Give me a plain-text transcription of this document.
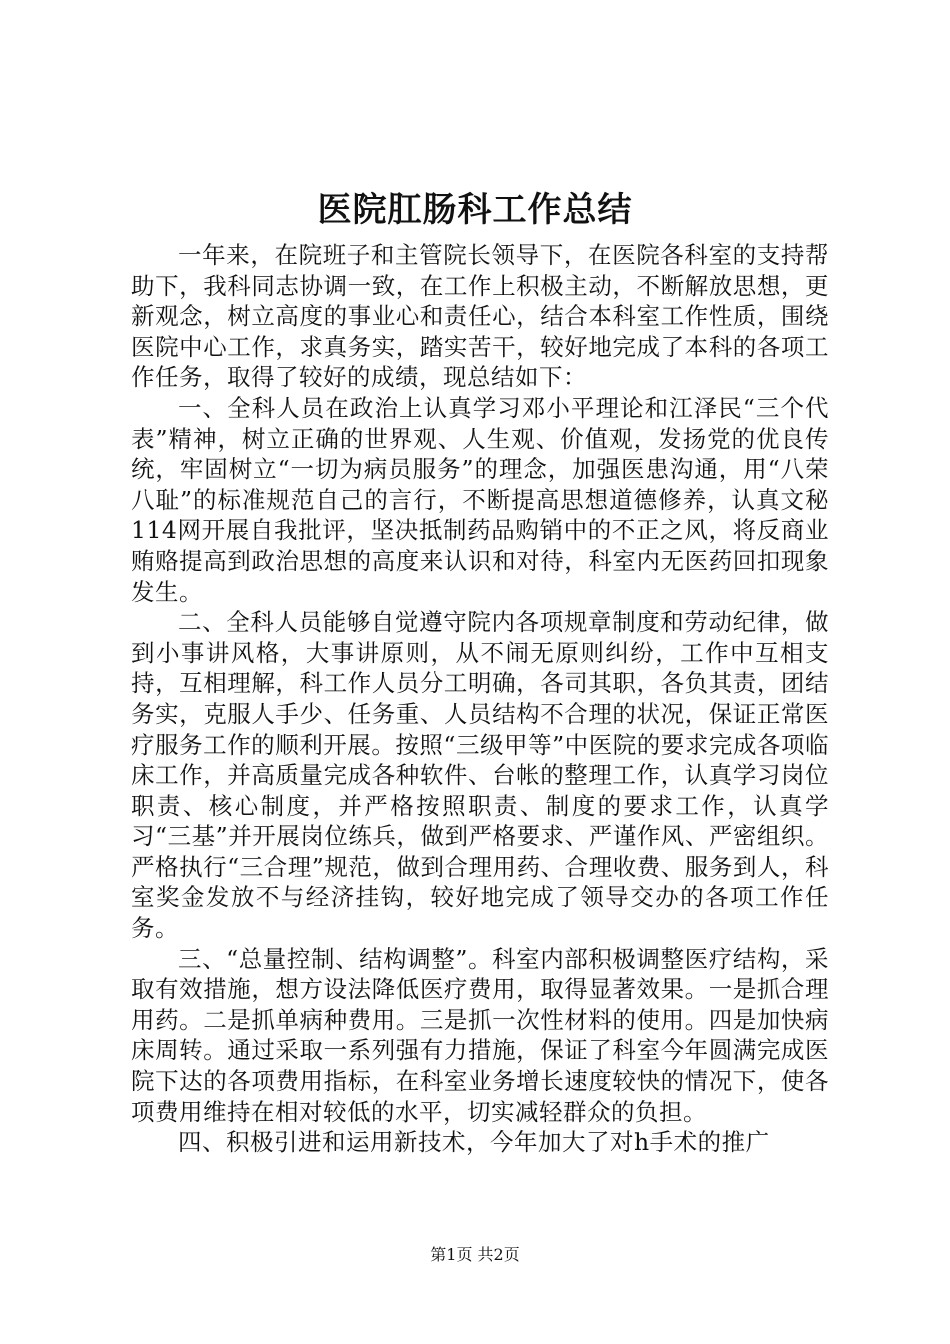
医院肛肠科工作总结

一年来，在院班子和主管院长领导下，在医院各科室的支持帮助下，我科同志协调一致，在工作上积极主动，不断解放思想，更新观念，树立高度的事业心和责任心，结合本科室工作性质，围绕医院中心工作，求真务实，踏实苦干，较好地完成了本科的各项工作任务，取得了较好的成绩，现总结如下：

一、全科人员在政治上认真学习邓小平理论和江泽民“三个代表”精神，树立正确的世界观、人生观、价值观，发扬党的优良传统，牢固树立“一切为病员服务”的理念，加强医患沟通，用“八荣八耻”的标准规范自己的言行，不断提高思想道德修养，认真文秘114网开展自我批评，坚决抵制药品购销中的不正之风，将反商业贿赂提高到政治思想的高度来认识和对待，科室内无医药回扣现象发生。

二、全科人员能够自觉遵守院内各项规章制度和劳动纪律，做到小事讲风格，大事讲原则，从不闹无原则纠纷，工作中互相支持，互相理解，科工作人员分工明确，各司其职，各负其责，团结务实，克服人手少、任务重、人员结构不合理的状况，保证正常医疗服务工作的顺利开展。按照“三级甲等”中医院的要求完成各项临床工作，并高质量完成各种软件、台帐的整理工作，认真学习岗位职责、核心制度，并严格按照职责、制度的要求工作，认真学习“三基”并开展岗位练兵，做到严格要求、严谨作风、严密组织。严格执行“三合理”规范，做到合理用药、合理收费、服务到人，科室奖金发放不与经济挂钩，较好地完成了领导交办的各项工作任务。

三、“总量控制、结构调整”。科室内部积极调整医疗结构，采取有效措施，想方设法降低医疗费用，取得显著效果。一是抓合理用药。二是抓单病种费用。三是抓一次性材料的使用。四是加快病床周转。通过采取一系列强有力措施，保证了科室今年圆满完成医院下达的各项费用指标，在科室业务增长速度较快的情况下，使各项费用维持在相对较低的水平，切实减轻群众的负担。

四、积极引进和运用新技术，今年加大了对h手术的推广

第1页 共2页
